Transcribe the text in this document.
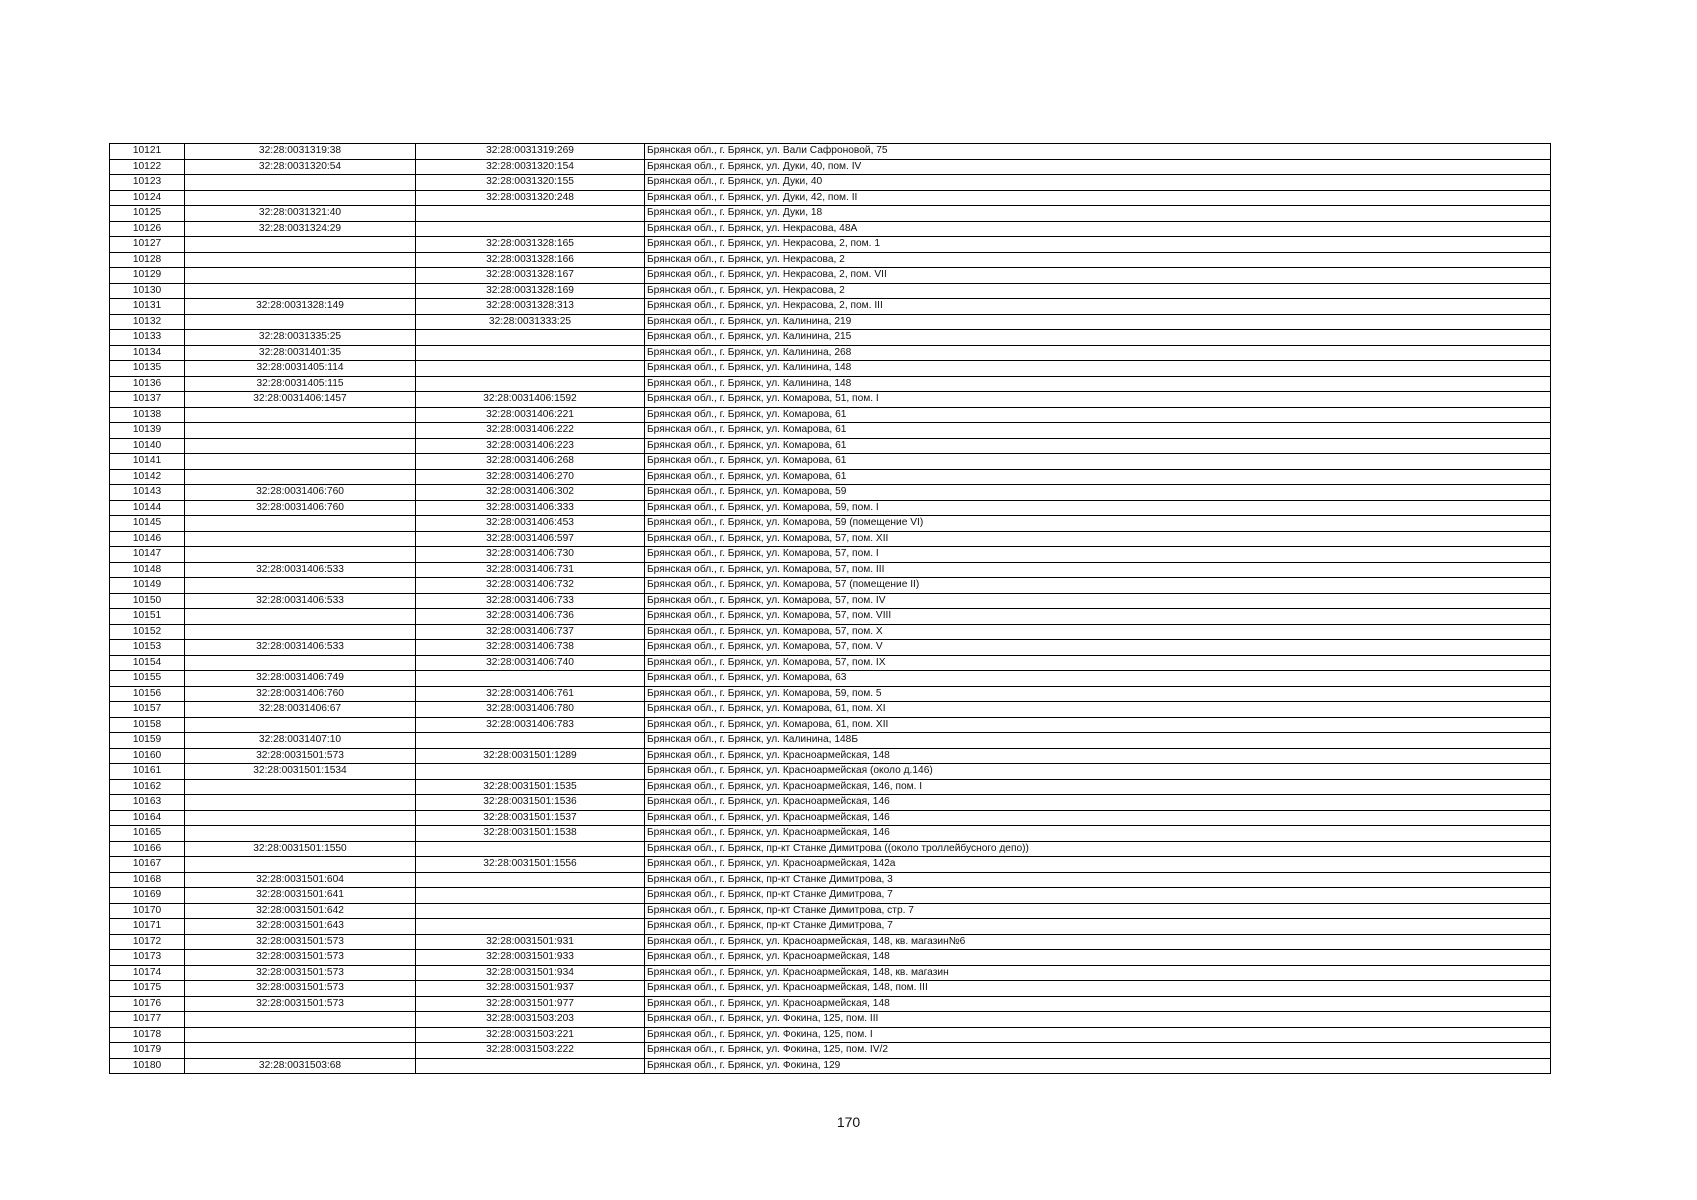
10121	32:28:0031319:38	32:28:0031319:269	Брянская обл., г. Брянск, ул. Вали Сафроновой, 75
10122	32:28:0031320:54	32:28:0031320:154	Брянская обл., г. Брянск, ул. Дуки, 40, пом. IV
10123		32:28:0031320:155	Брянская обл., г. Брянск, ул. Дуки, 40
10124		32:28:0031320:248	Брянская обл., г. Брянск, ул. Дуки, 42, пом. II
10125	32:28:0031321:40		Брянская обл., г. Брянск, ул. Дуки, 18
10126	32:28:0031324:29		Брянская обл., г. Брянск, ул. Некрасова, 48А
10127		32:28:0031328:165	Брянская обл., г. Брянск, ул. Некрасова, 2, пом. 1
10128		32:28:0031328:166	Брянская обл., г. Брянск, ул. Некрасова, 2
10129		32:28:0031328:167	Брянская обл., г. Брянск, ул. Некрасова, 2, пом. VII
10130		32:28:0031328:169	Брянская обл., г. Брянск, ул. Некрасова, 2
10131	32:28:0031328:149	32:28:0031328:313	Брянская обл., г. Брянск, ул. Некрасова, 2, пом. III
10132		32:28:0031333:25	Брянская обл., г. Брянск, ул. Калинина, 219
10133	32:28:0031335:25		Брянская обл., г. Брянск, ул. Калинина, 215
10134	32:28:0031401:35		Брянская обл., г. Брянск, ул. Калинина, 268
10135	32:28:0031405:114		Брянская обл., г. Брянск, ул. Калинина, 148
10136	32:28:0031405:115		Брянская обл., г. Брянск, ул. Калинина, 148
10137	32:28:0031406:1457	32:28:0031406:1592	Брянская обл., г. Брянск, ул. Комарова, 51, пом. I
10138		32:28:0031406:221	Брянская обл., г. Брянск, ул. Комарова, 61
10139		32:28:0031406:222	Брянская обл., г. Брянск, ул. Комарова, 61
10140		32:28:0031406:223	Брянская обл., г. Брянск, ул. Комарова, 61
10141		32:28:0031406:268	Брянская обл., г. Брянск, ул. Комарова, 61
10142		32:28:0031406:270	Брянская обл., г. Брянск, ул. Комарова, 61
10143	32:28:0031406:760	32:28:0031406:302	Брянская обл., г. Брянск, ул. Комарова, 59
10144	32:28:0031406:760	32:28:0031406:333	Брянская обл., г. Брянск, ул. Комарова, 59, пом. I
10145		32:28:0031406:453	Брянская обл., г. Брянск, ул. Комарова, 59 (помещение VI)
10146		32:28:0031406:597	Брянская обл., г. Брянск, ул. Комарова, 57, пом. XII
10147		32:28:0031406:730	Брянская обл., г. Брянск, ул. Комарова, 57, пом. I
10148	32:28:0031406:533	32:28:0031406:731	Брянская обл., г. Брянск, ул. Комарова, 57, пом. III
10149		32:28:0031406:732	Брянская обл., г. Брянск, ул. Комарова, 57 (помещение II)
10150	32:28:0031406:533	32:28:0031406:733	Брянская обл., г. Брянск, ул. Комарова, 57, пом. IV
10151		32:28:0031406:736	Брянская обл., г. Брянск, ул. Комарова, 57, пом. VIII
10152		32:28:0031406:737	Брянская обл., г. Брянск, ул. Комарова, 57, пом. X
10153	32:28:0031406:533	32:28:0031406:738	Брянская обл., г. Брянск, ул. Комарова, 57, пом. V
10154		32:28:0031406:740	Брянская обл., г. Брянск, ул. Комарова, 57, пом. IX
10155	32:28:0031406:749		Брянская обл., г. Брянск, ул. Комарова, 63
10156	32:28:0031406:760	32:28:0031406:761	Брянская обл., г. Брянск, ул. Комарова, 59, пом. 5
10157	32:28:0031406:67	32:28:0031406:780	Брянская обл., г. Брянск, ул. Комарова, 61, пом. XI
10158		32:28:0031406:783	Брянская обл., г. Брянск, ул. Комарова, 61, пом. XII
10159	32:28:0031407:10		Брянская обл., г. Брянск, ул. Калинина, 148Б
10160	32:28:0031501:573	32:28:0031501:1289	Брянская обл., г. Брянск, ул. Красноармейская, 148
10161	32:28:0031501:1534		Брянская обл., г. Брянск, ул. Красноармейская (около д.146)
10162		32:28:0031501:1535	Брянская обл., г. Брянск, ул. Красноармейская, 146, пом. I
10163		32:28:0031501:1536	Брянская обл., г. Брянск, ул. Красноармейская, 146
10164		32:28:0031501:1537	Брянская обл., г. Брянск, ул. Красноармейская, 146
10165		32:28:0031501:1538	Брянская обл., г. Брянск, ул. Красноармейская, 146
10166	32:28:0031501:1550		Брянская обл., г. Брянск, пр-кт Станке Димитрова ((около троллейбусного депо))
10167		32:28:0031501:1556	Брянская обл., г. Брянск, ул. Красноармейская, 142а
10168	32:28:0031501:604		Брянская обл., г. Брянск, пр-кт Станке Димитрова, 3
10169	32:28:0031501:641		Брянская обл., г. Брянск, пр-кт Станке Димитрова, 7
10170	32:28:0031501:642		Брянская обл., г. Брянск, пр-кт Станке Димитрова, стр. 7
10171	32:28:0031501:643		Брянская обл., г. Брянск, пр-кт Станке Димитрова, 7
10172	32:28:0031501:573	32:28:0031501:931	Брянская обл., г. Брянск, ул. Красноармейская, 148, кв. магазин№6
10173	32:28:0031501:573	32:28:0031501:933	Брянская обл., г. Брянск, ул. Красноармейская, 148
10174	32:28:0031501:573	32:28:0031501:934	Брянская обл., г. Брянск, ул. Красноармейская, 148, кв. магазин
10175	32:28:0031501:573	32:28:0031501:937	Брянская обл., г. Брянск, ул. Красноармейская, 148, пом. III
10176	32:28:0031501:573	32:28:0031501:977	Брянская обл., г. Брянск, ул. Красноармейская, 148
10177		32:28:0031503:203	Брянская обл., г. Брянск, ул. Фокина, 125, пом. III
10178		32:28:0031503:221	Брянская обл., г. Брянск, ул. Фокина, 125, пом. I
10179		32:28:0031503:222	Брянская обл., г. Брянск, ул. Фокина, 125, пом. IV/2
10180	32:28:0031503:68		Брянская обл., г. Брянск, ул. Фокина, 129
170
